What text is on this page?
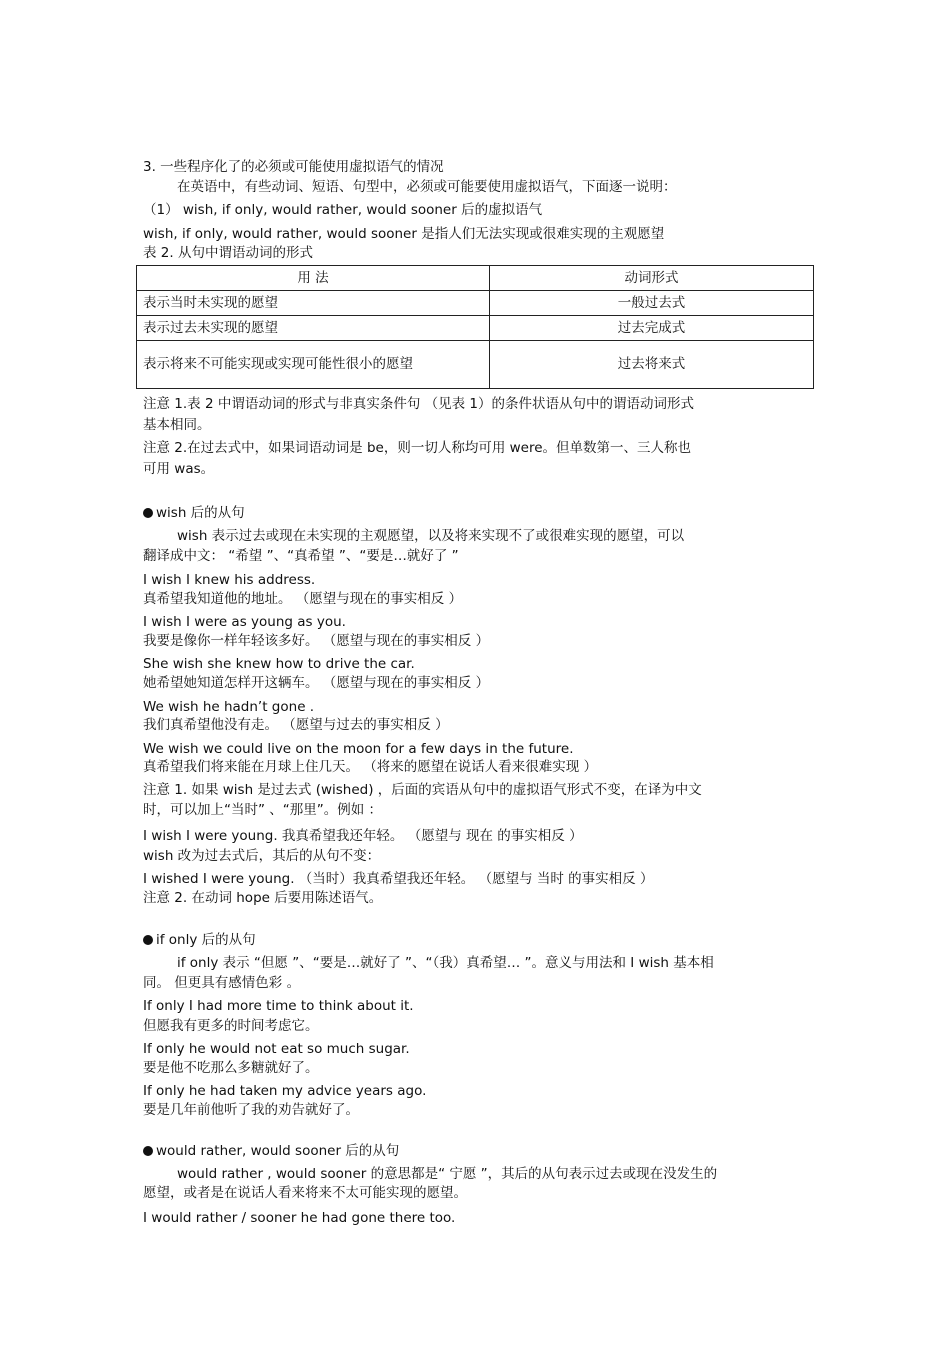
3. 一些程序化了的必须或可能使用虚拟语气的情况
在英语中，有些动词、短语、句型中，必须或可能要使用虚拟语气，下面逐一说明：
（1） wish, if only, would rather, would sooner 后的虚拟语气
wish, if only, would rather, would sooner 是指人们无法实现或很难实现的主观愿望
表 2. 从句中谓语动词的形式
用 法	动词形式
表示当时未实现的愿望	一般过去式
表示过去未实现的愿望	过去完成式
表示将来不可能实现或实现可能性很小的愿望	过去将来式
注意 1.表 2 中谓语动词的形式与非真实条件句 （见表 1）的条件状语从句中的谓语动词形式
基本相同。
注意 2.在过去式中，如果词语动词是 be，则一切人称均可用 were。但单数第一、三人称也
可用 was。
wish 后的从句
wish 表示过去或现在未实现的主观愿望，以及将来实现不了或很难实现的愿望，可以
翻译成中文： “希望 ”、“真希望 ”、“要是…就好了 ”
I wish I knew his address.
真希望我知道他的地址。 （愿望与现在的事实相反 ）
I wish I were as young as you.
我要是像你一样年轻该多好。 （愿望与现在的事实相反 ）
She wish she knew how to drive the car.
她希望她知道怎样开这辆车。 （愿望与现在的事实相反 ）
We wish he hadn’t gone .
我们真希望他没有走。 （愿望与过去的事实相反 ）
We wish we could live on the moon for a few days in the future.
真希望我们将来能在月球上住几天。 （将来的愿望在说话人看来很难实现 ）
注意 1. 如果 wish 是过去式 (wished) ，后面的宾语从句中的虚拟语气形式不变，在译为中文
时，可以加上“当时” 、“那里”。例如 ：
I wish I were young. 我真希望我还年轻。 （愿望与 现在 的事实相反 ）
wish 改为过去式后，其后的从句不变：
I wished I were young. （当时）我真希望我还年轻。 （愿望与 当时 的事实相反 ）
注意 2. 在动词 hope 后要用陈述语气。
if only 后的从句
if only 表示 “但愿 ”、“要是…就好了 ”、“（我）真希望… ”。意义与用法和 I wish 基本相
同。 但更具有感情色彩 。
If only I had more time to think about it.
但愿我有更多的时间考虑它。
If only he would not eat so much sugar.
要是他不吃那么多糖就好了。
If only he had taken my advice years ago.
要是几年前他听了我的劝告就好了。
would rather, would sooner 后的从句
would rather , would sooner 的意思都是“ 宁愿 ”，其后的从句表示过去或现在没发生的
愿望，或者是在说话人看来将来不太可能实现的愿望。
I would rather / sooner he had gone there too.
